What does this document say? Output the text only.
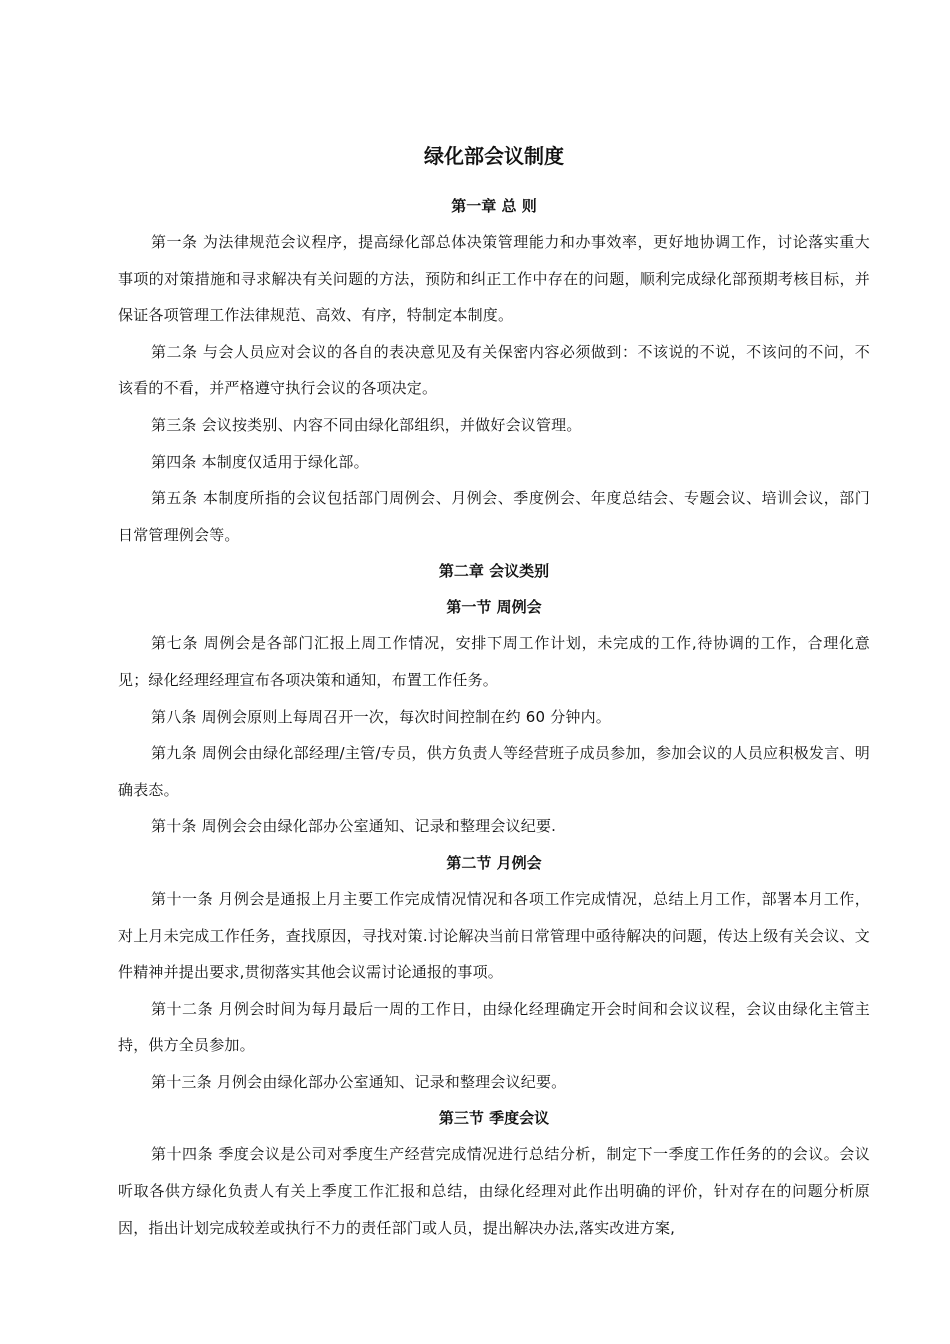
绿化部会议制度
第一章 总 则

第一条 为法律规范会议程序，提高绿化部总体决策管理能力和办事效率，更好地协调工作，讨论落实重大事项的对策措施和寻求解决有关问题的方法，预防和纠正工作中存在的问题，顺利完成绿化部预期考核目标，并保证各项管理工作法律规范、高效、有序，特制定本制度。

第二条 与会人员应对会议的各自的表决意见及有关保密内容必须做到：不该说的不说，不该问的不问，不该看的不看，并严格遵守执行会议的各项决定。

第三条 会议按类别、内容不同由绿化部组织，并做好会议管理。

第四条 本制度仅适用于绿化部。

第五条 本制度所指的会议包括部门周例会、月例会、季度例会、年度总结会、专题会议、培训会议，部门日常管理例会等。

第二章 会议类别
第一节 周例会

第七条 周例会是各部门汇报上周工作情况，安排下周工作计划，未完成的工作,待协调的工作，合理化意见；绿化经理经理宣布各项决策和通知，布置工作任务。

第八条 周例会原则上每周召开一次，每次时间控制在约 60 分钟内。

第九条 周例会由绿化部经理/主管/专员，供方负责人等经营班子成员参加，参加会议的人员应积极发言、明确表态。

第十条 周例会会由绿化部办公室通知、记录和整理会议纪要.

第二节 月例会

第十一条 月例会是通报上月主要工作完成情况情况和各项工作完成情况，总结上月工作，部署本月工作，对上月未完成工作任务，查找原因，寻找对策.讨论解决当前日常管理中亟待解决的问题，传达上级有关会议、文件精神并提出要求,贯彻落实其他会议需讨论通报的事项。

第十二条 月例会时间为每月最后一周的工作日，由绿化经理确定开会时间和会议议程，会议由绿化主管主持，供方全员参加。

第十三条 月例会由绿化部办公室通知、记录和整理会议纪要。

第三节 季度会议

第十四条 季度会议是公司对季度生产经营完成情况进行总结分析，制定下一季度工作任务的的会议。会议听取各供方绿化负责人有关上季度工作汇报和总结，由绿化经理对此作出明确的评价，针对存在的问题分析原因，指出计划完成较差或执行不力的责任部门或人员，提出解决办法,落实改进方案,
